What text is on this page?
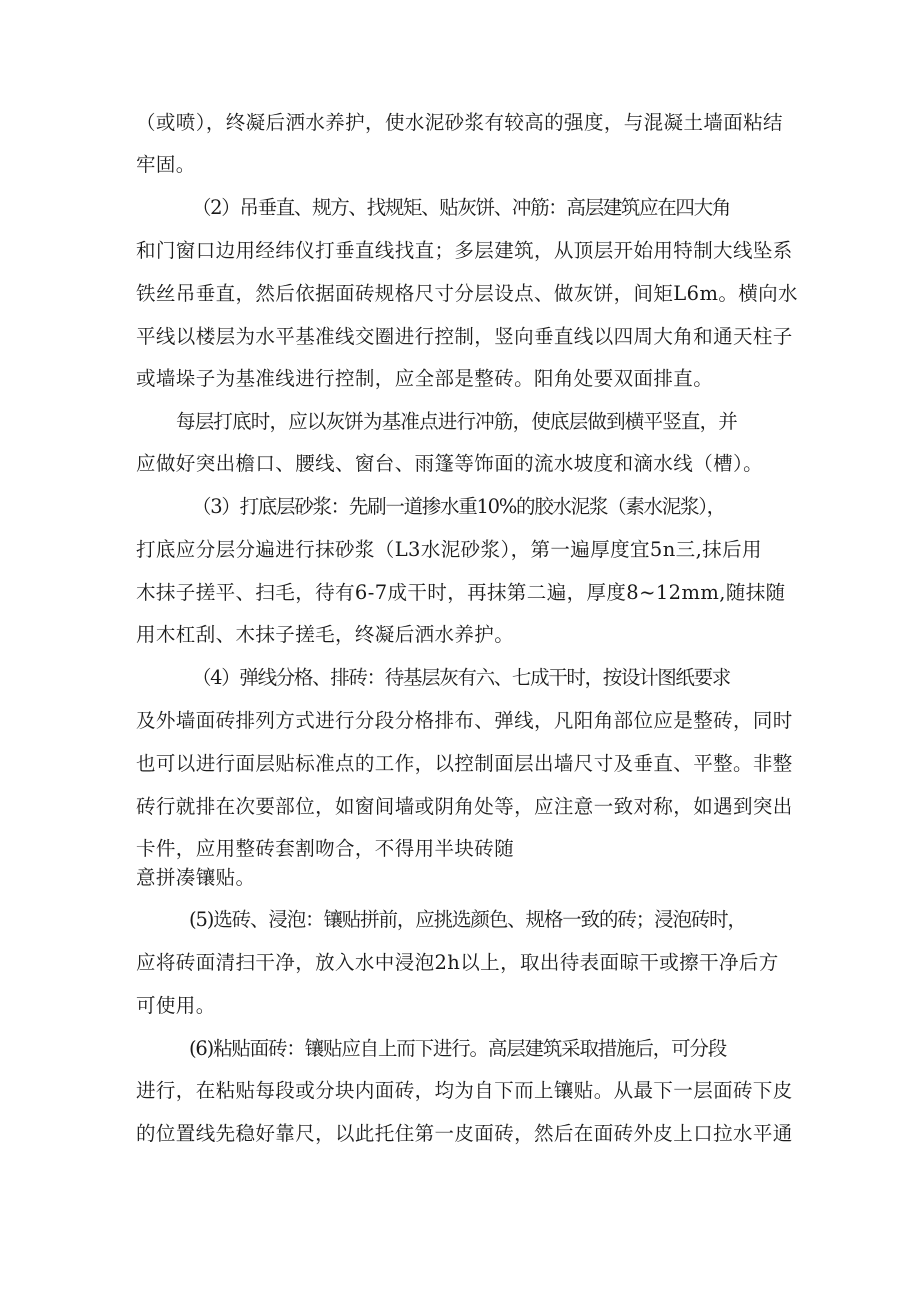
（或喷），终凝后洒水养护，使水泥砂浆有较高的强度，与混凝土墙面粘结
牢固。
（2）吊垂直、规方、找规矩、贴灰饼、冲筋：高层建筑应在四大角
和门窗口边用经纬仪打垂直线找直；多层建筑，从顶层开始用特制大线坠系
铁丝吊垂直，然后依据面砖规格尺寸分层设点、做灰饼，间矩L6m。横向水
平线以楼层为水平基准线交圈进行控制，竖向垂直线以四周大角和通天柱子
或墙垛子为基准线进行控制，应全部是整砖。阳角处要双面排直。
每层打底时，应以灰饼为基准点进行冲筋，使底层做到横平竖直，并
应做好突出檐口、腰线、窗台、雨篷等饰面的流水坡度和滴水线（槽）。
（3）打底层砂浆：先刷一道掺水重10%的胶水泥浆（素水泥浆），
打底应分层分遍进行抹砂浆（L3水泥砂浆），第一遍厚度宜5n三,抹后用
木抹子搓平、扫毛，待有6-7成干时，再抹第二遍，厚度8~12mm,随抹随
用木杠刮、木抹子搓毛，终凝后洒水养护。
（4）弹线分格、排砖：待基层灰有六、七成干时，按设计图纸要求
及外墙面砖排列方式进行分段分格排布、弹线，凡阳角部位应是整砖，同时
也可以进行面层贴标准点的工作，以控制面层出墙尺寸及垂直、平整。非整
砖行就排在次要部位，如窗间墙或阴角处等，应注意一致对称，如遇到突出
卡件，应用整砖套割吻合，不得用半块砖随
意拼凑镶贴。
(5)选砖、浸泡：镶贴拼前，应挑选颜色、规格一致的砖；浸泡砖时，
应将砖面清扫干净，放入水中浸泡2h以上，取出待表面晾干或擦干净后方
可使用。
(6)粘贴面砖：镶贴应自上而下进行。高层建筑采取措施后，可分段
进行，在粘贴每段或分块内面砖，均为自下而上镶贴。从最下一层面砖下皮
的位置线先稳好靠尺，以此托住第一皮面砖，然后在面砖外皮上口拉水平通
